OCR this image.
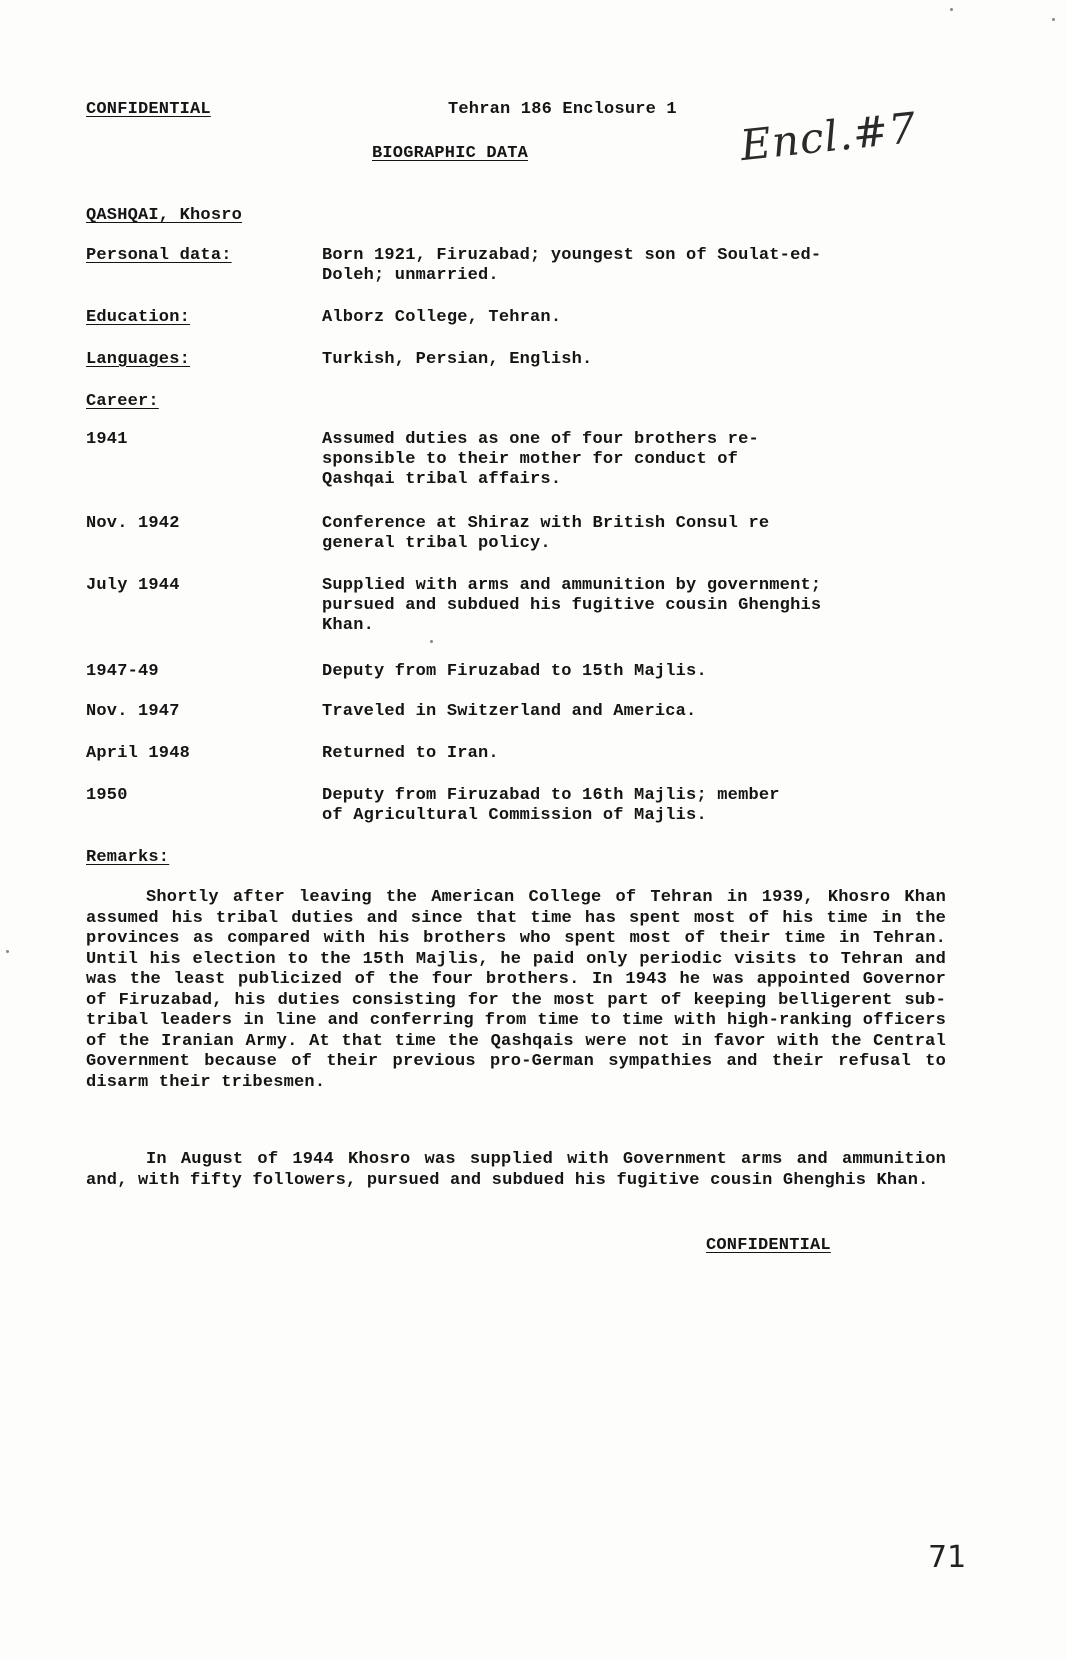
CONFIDENTIAL	Tehran 186 Enclosure 1
BIOGRAPHIC DATA	Encl.#7
QASHQAI, Khosro
Personal data:	Born 1921, Firuzabad; youngest son of Soulat-ed-
Doleh; unmarried.
Education:	Alborz College, Tehran.
Languages:	Turkish, Persian, English.
Career:
1941	Assumed duties as one of four brothers re-
sponsible to their mother for conduct of
Qashqai tribal affairs.
Nov. 1942	Conference at Shiraz with British Consul re
general tribal policy.
July 1944	Supplied with arms and ammunition by government;
pursued and subdued his fugitive cousin Ghenghis
Khan.
1947-49	Deputy from Firuzabad to 15th Majlis.
Nov. 1947	Traveled in Switzerland and America.
April 1948	Returned to Iran.
1950	Deputy from Firuzabad to 16th Majlis; member
of Agricultural Commission of Majlis.
Remarks:
Shortly after leaving the American College of Tehran in 1939, Khosro Khan assumed his tribal duties and since that time has spent most of his time in the provinces as compared with his brothers who spent most of their time in Tehran. Until his election to the 15th Majlis, he paid only periodic visits to Tehran and was the least publicized of the four brothers. In 1943 he was appointed Governor of Firuzabad, his duties consisting for the most part of keeping belligerent sub-tribal leaders in line and conferring from time to time with high-ranking officers of the Iranian Army. At that time the Qashqais were not in favor with the Central Government because of their previous pro-German sympathies and their refusal to disarm their tribesmen.
In August of 1944 Khosro was supplied with Government arms and ammunition and, with fifty followers, pursued and subdued his fugitive cousin Ghenghis Khan.
CONFIDENTIAL
71
